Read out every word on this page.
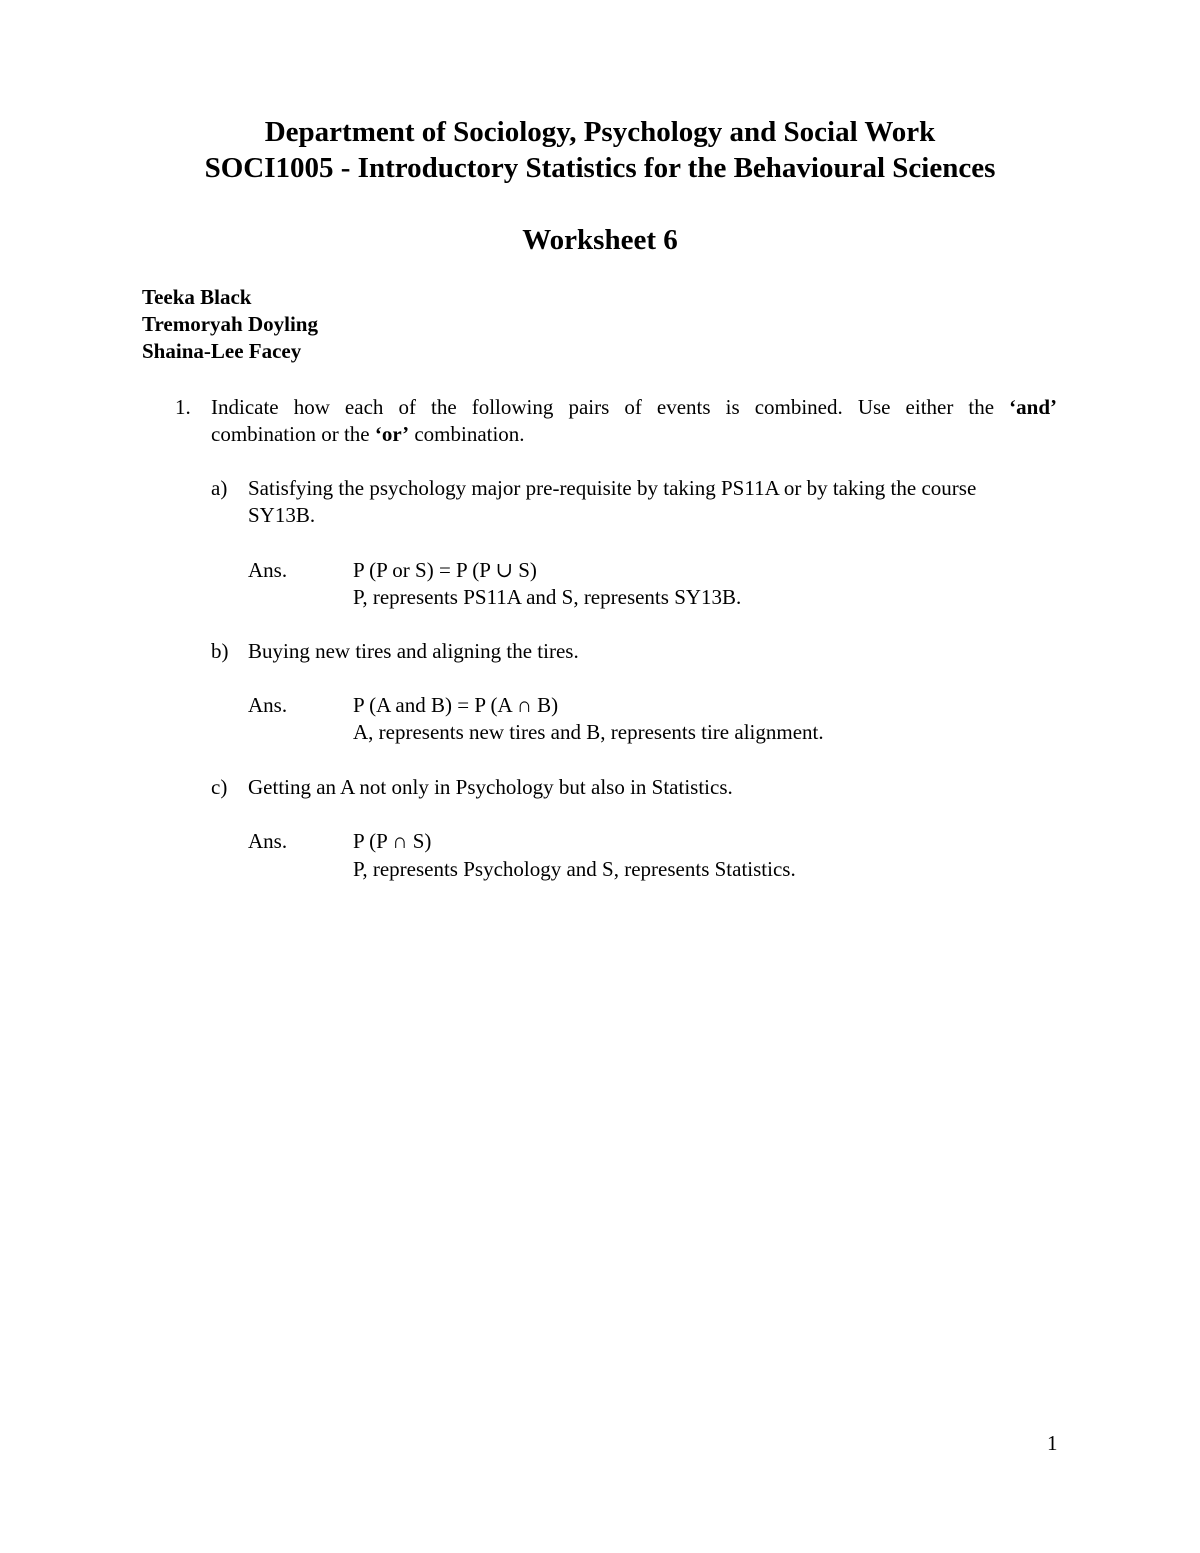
Department of Sociology, Psychology and Social Work
SOCI1005 - Introductory Statistics for the Behavioural Sciences
Worksheet 6
Teeka Black
Tremoryah Doyling
Shaina-Lee Facey
1. Indicate how each of the following pairs of events is combined. Use either the ‘and’
combination or the ‘or’ combination.
a) Satisfying the psychology major pre-requisite by taking PS11A or by taking the course
SY13B.
Ans.	P (P or S) = P (P ∪ S)
P, represents PS11A and S, represents SY13B.
b) Buying new tires and aligning the tires.
Ans.	P (A and B) = P (A ∩ B)
A, represents new tires and B, represents tire alignment.
c) Getting an A not only in Psychology but also in Statistics.
Ans.	P (P ∩ S)
P, represents Psychology and S, represents Statistics.
1
